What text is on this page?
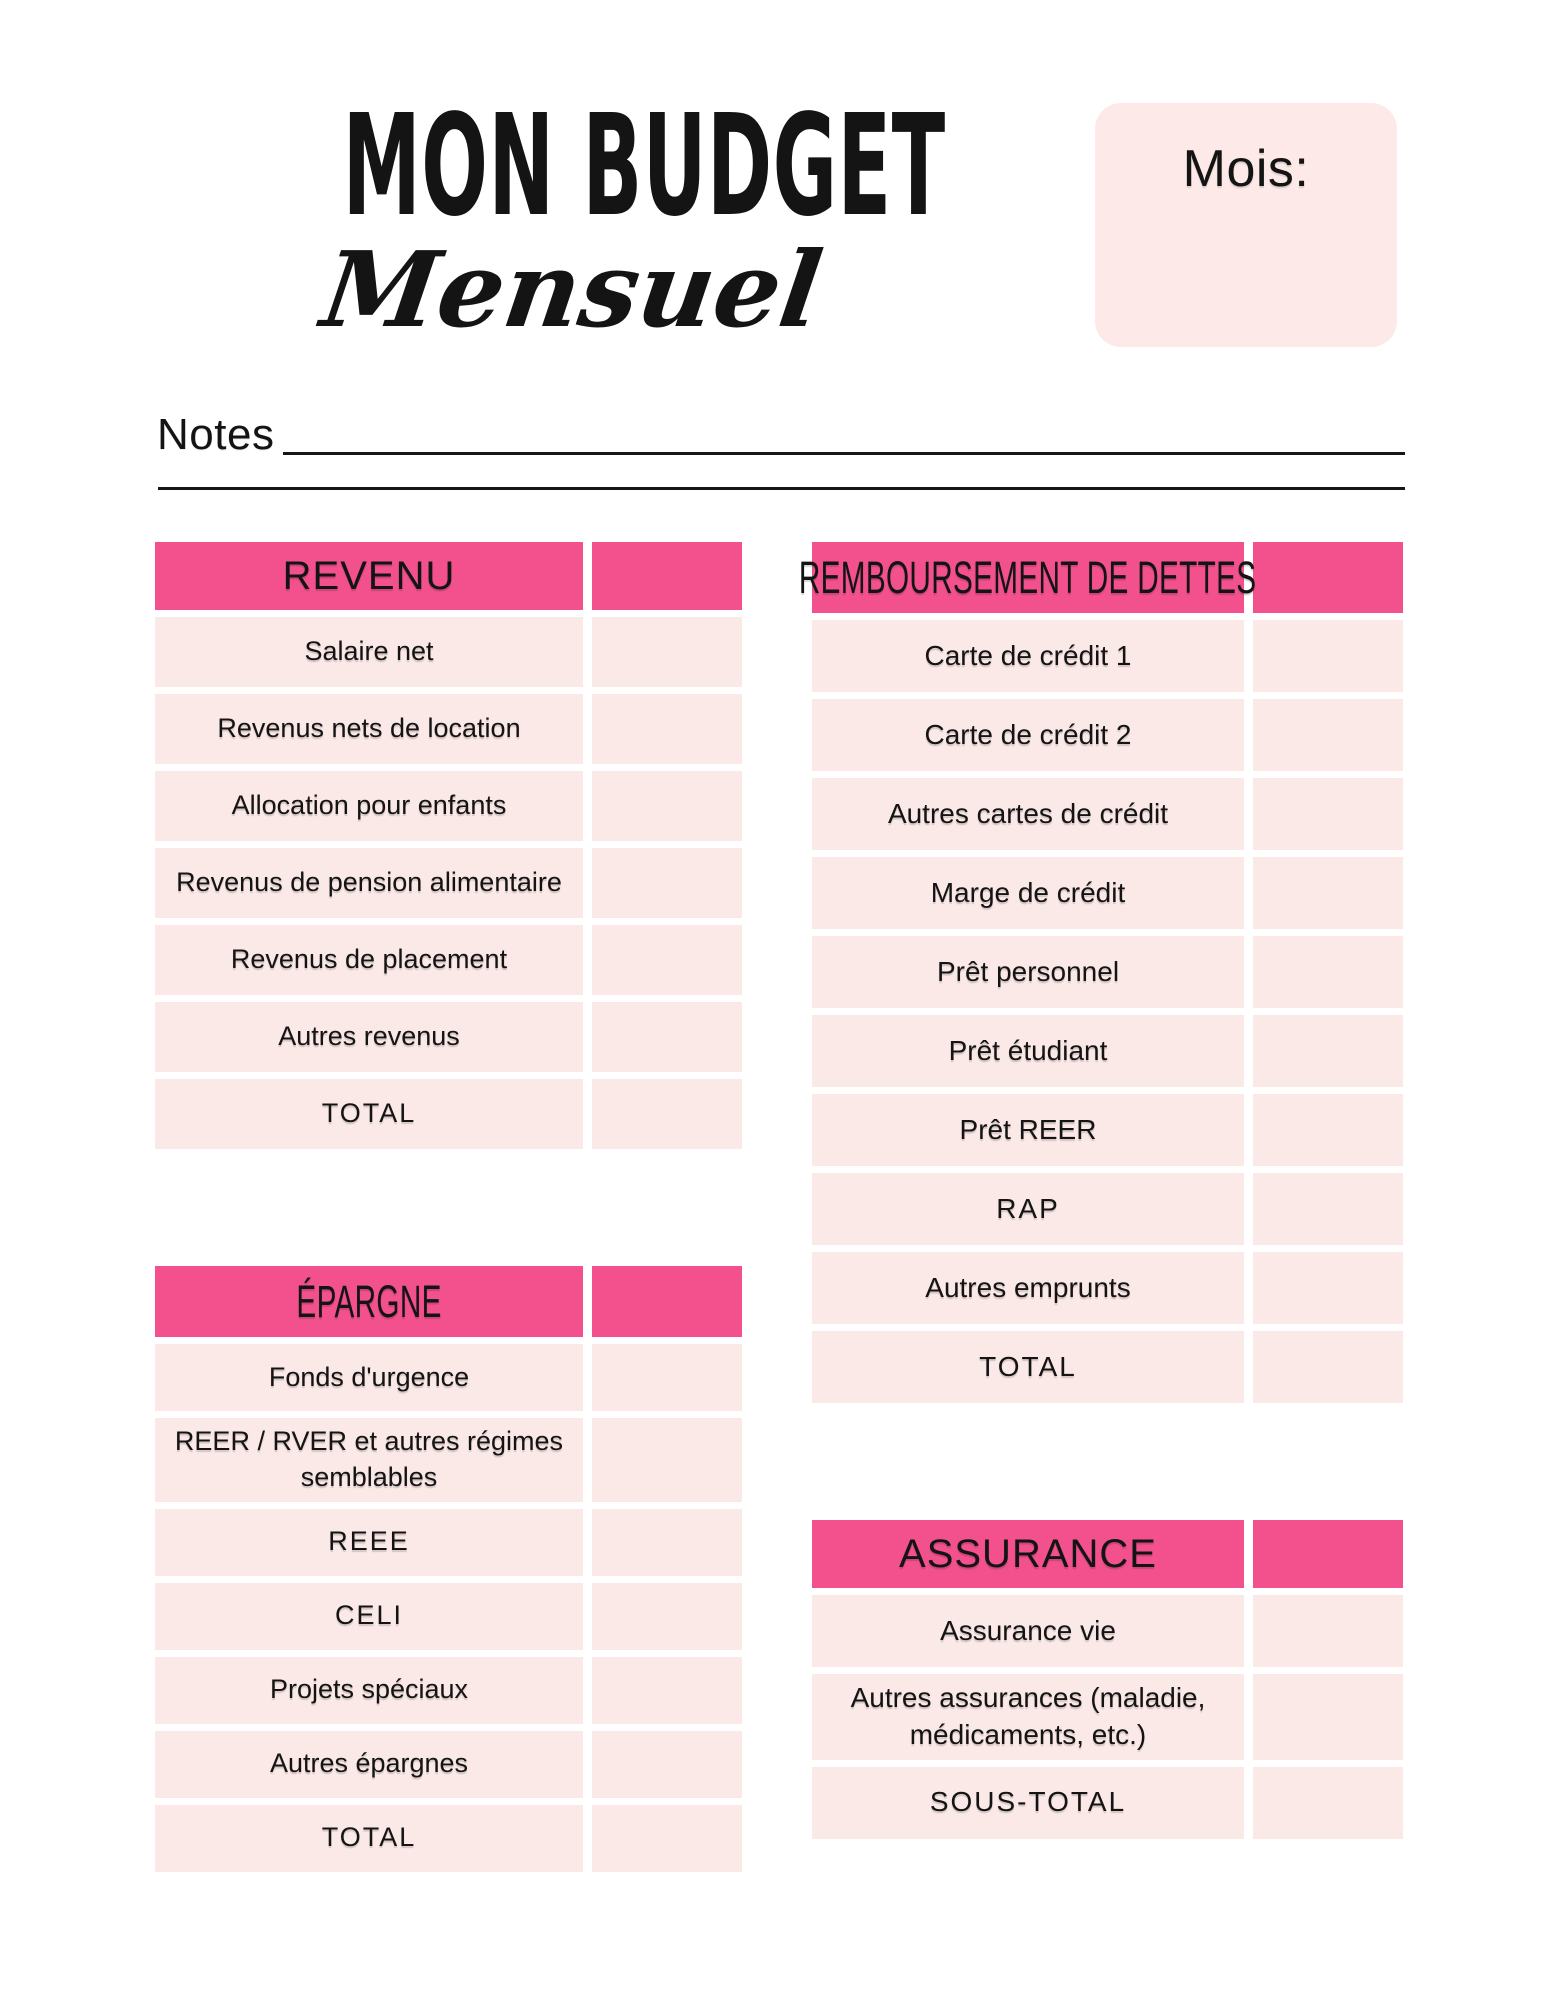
MON BUDGET
Mensuel
Mois:
Notes
REVENU
Salaire net
Revenus nets de location
Allocation pour enfants
Revenus de pension alimentaire
Revenus de placement
Autres revenus
TOTAL
ÉPARGNE
Fonds d'urgence
REER / RVER et autres régimes semblables
REEE
CELI
Projets spéciaux
Autres épargnes
TOTAL
REMBOURSEMENT DE DETTES
Carte de crédit 1
Carte de crédit 2
Autres cartes de crédit
Marge de crédit
Prêt personnel
Prêt étudiant
Prêt REER
RAP
Autres emprunts
TOTAL
ASSURANCE
Assurance vie
Autres assurances (maladie, médicaments, etc.)
SOUS-TOTAL
